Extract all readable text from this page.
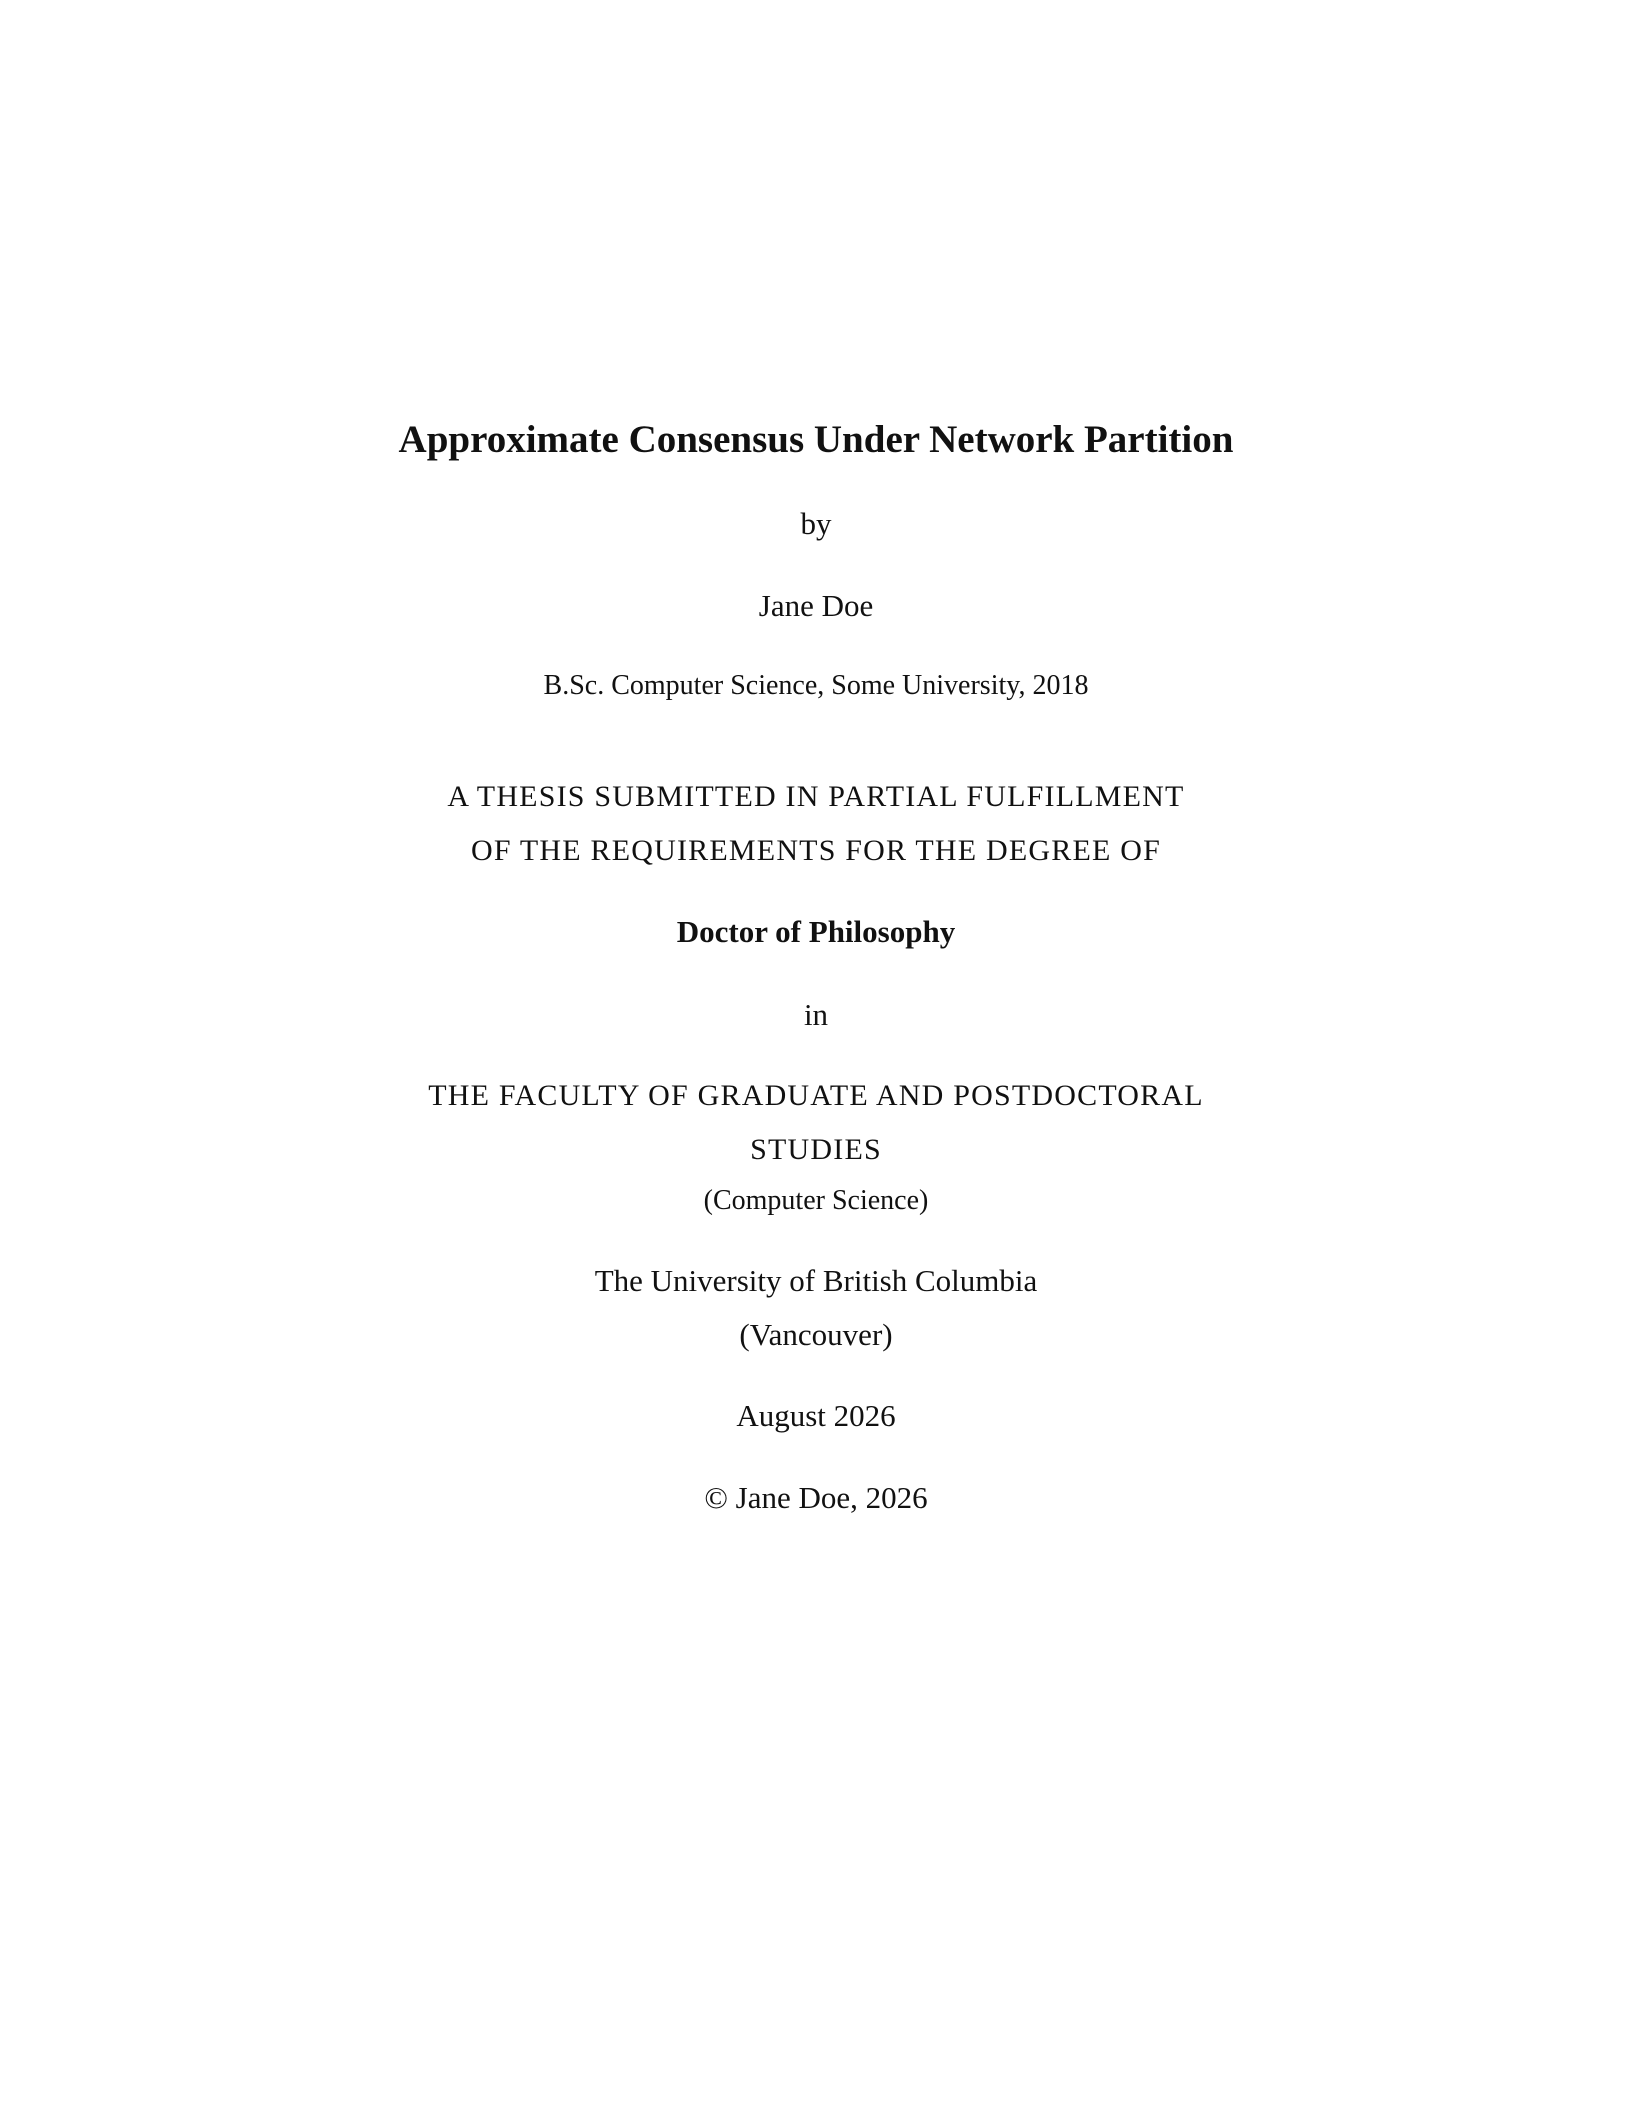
Approximate Consensus Under Network Partition
by
Jane Doe
B.Sc. Computer Science, Some University, 2018
A THESIS SUBMITTED IN PARTIAL FULFILLMENT
OF THE REQUIREMENTS FOR THE DEGREE OF
Doctor of Philosophy
in
THE FACULTY OF GRADUATE AND POSTDOCTORAL
STUDIES
(Computer Science)
The University of British Columbia
(Vancouver)
August 2026
© Jane Doe, 2026
